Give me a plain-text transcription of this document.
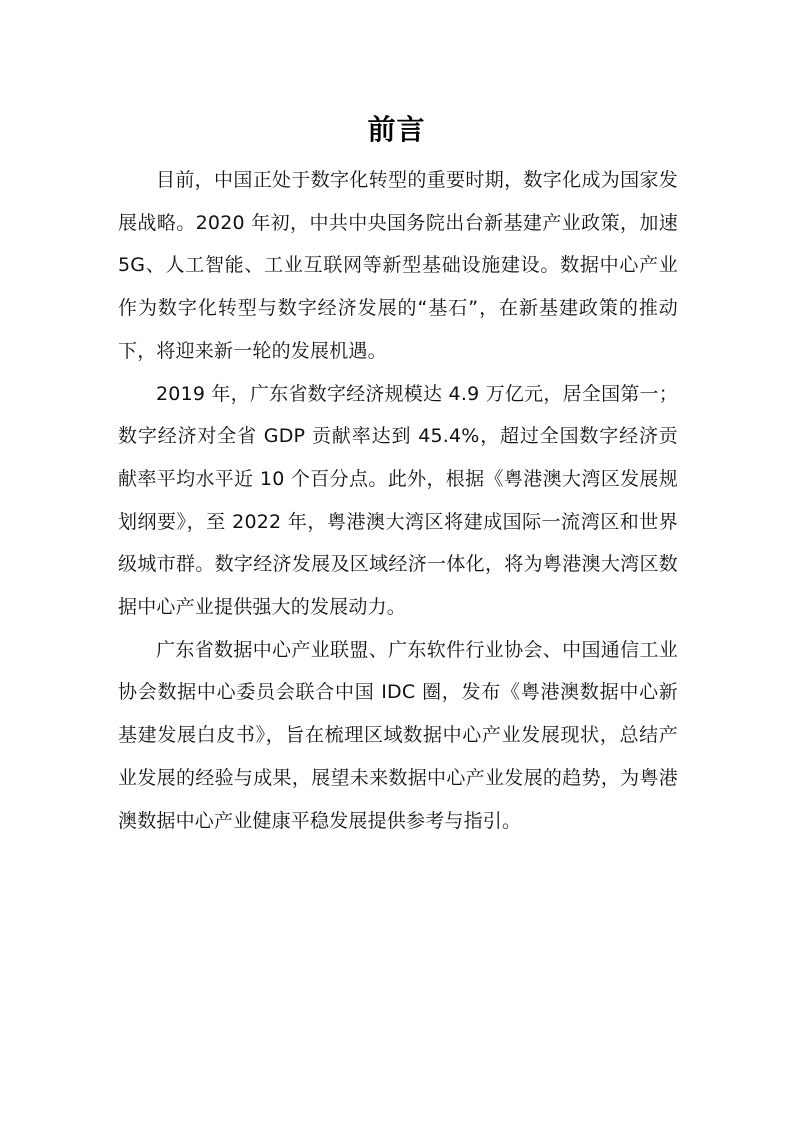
前言

目前，中国正处于数字化转型的重要时期，数字化成为国家发展战略。2020 年初，中共中央国务院出台新基建产业政策，加速 5G、人工智能、工业互联网等新型基础设施建设。数据中心产业作为数字化转型与数字经济发展的“基石”，在新基建政策的推动下，将迎来新一轮的发展机遇。

2019 年，广东省数字经济规模达 4.9 万亿元，居全国第一；数字经济对全省 GDP 贡献率达到 45.4%，超过全国数字经济贡献率平均水平近 10 个百分点。此外，根据《粤港澳大湾区发展规划纲要》，至 2022 年，粤港澳大湾区将建成国际一流湾区和世界级城市群。数字经济发展及区域经济一体化，将为粤港澳大湾区数据中心产业提供强大的发展动力。

广东省数据中心产业联盟、广东软件行业协会、中国通信工业协会数据中心委员会联合中国 IDC 圈，发布《粤港澳数据中心新基建发展白皮书》，旨在梳理区域数据中心产业发展现状，总结产业发展的经验与成果，展望未来数据中心产业发展的趋势，为粤港澳数据中心产业健康平稳发展提供参考与指引。
